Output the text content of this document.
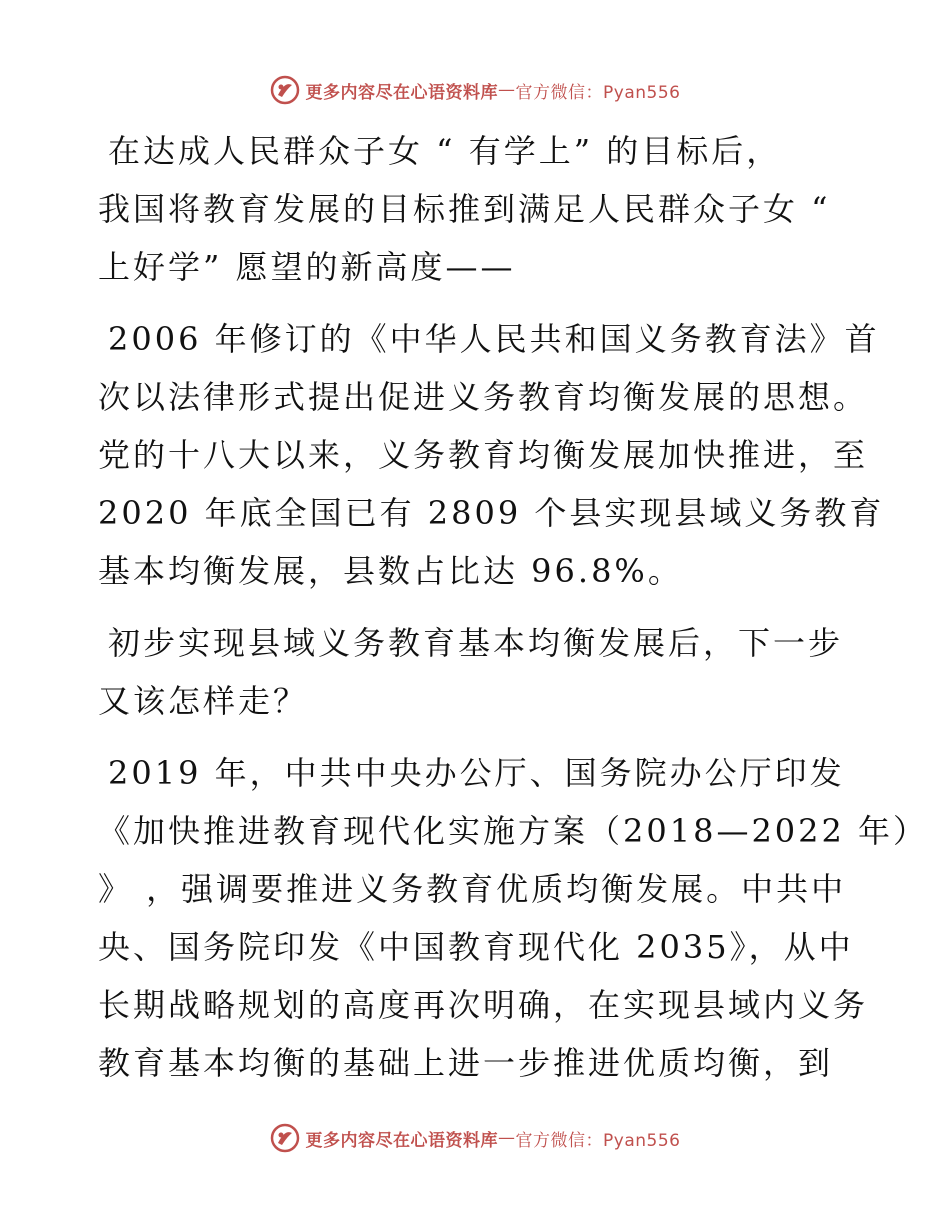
更多内容尽在心语资料库 — 官方微信：Pyan556

在达成人民群众子女 “ 有学上” 的目标后，
我国将教育发展的目标推到满足人民群众子女 “
上好学” 愿望的新高度——

2006 年修订的《中华人民共和国义务教育法》首
次以法律形式提出促进义务教育均衡发展的思想。
党的十八大以来，义务教育均衡发展加快推进，至
2020 年底全国已有 2809 个县实现县域义务教育
基本均衡发展，县数占比达 96.8%。

初步实现县域义务教育基本均衡发展后，下一步
又该怎样走？

2019 年，中共中央办公厅、国务院办公厅印发
《加快推进教育现代化实施方案（2018—2022 年）
》 ，强调要推进义务教育优质均衡发展。中共中
央、国务院印发《中国教育现代化 2035》，从中
长期战略规划的高度再次明确，在实现县域内义务
教育基本均衡的基础上进一步推进优质均衡，到

更多内容尽在心语资料库 — 官方微信：Pyan556
